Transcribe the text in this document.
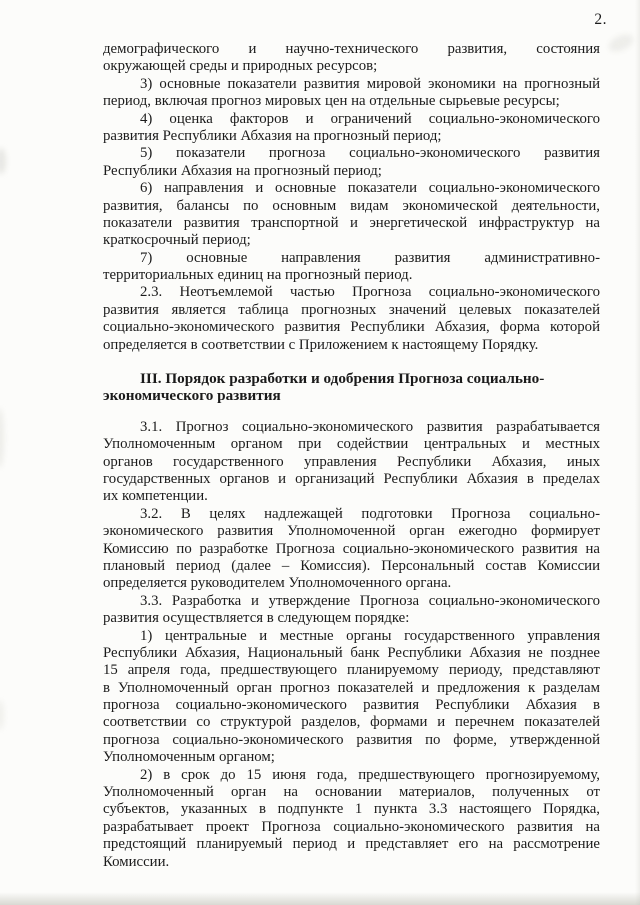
2.
демографического и научно-технического развития, состояния
окружающей среды и природных ресурсов;
3) основные показатели развития мировой экономики на прогнозный
период, включая прогноз мировых цен на отдельные сырьевые ресурсы;
4) оценка факторов и ограничений социально-экономического
развития Республики Абхазия на прогнозный период;
5) показатели прогноза социально-экономического развития
Республики Абхазия на прогнозный период;
6) направления и основные показатели социально-экономического
развития, балансы по основным видам экономической деятельности,
показатели развития транспортной и энергетической инфраструктур на
краткосрочный период;
7) основные направления развития административно-
территориальных единиц на прогнозный период.
2.3. Неотъемлемой частью Прогноза социально-экономического
развития является таблица прогнозных значений целевых показателей
социально-экономического развития Республики Абхазия, форма которой
определяется в соответствии с Приложением к настоящему Порядку.
III. Порядок разработки и одобрения Прогноза социально-
экономического развития
3.1. Прогноз социально-экономического развития разрабатывается
Уполномоченным органом при содействии центральных и местных
органов государственного управления Республики Абхазия, иных
государственных органов и организаций Республики Абхазия в пределах
их компетенции.
3.2. В целях надлежащей подготовки Прогноза социально-
экономического развития Уполномоченной орган ежегодно формирует
Комиссию по разработке Прогноза социально-экономического развития на
плановый период (далее – Комиссия). Персональный состав Комиссии
определяется руководителем Уполномоченного органа.
3.3. Разработка и утверждение Прогноза социально-экономического
развития осуществляется в следующем порядке:
1) центральные и местные органы государственного управления
Республики Абхазия, Национальный банк Республики Абхазия не позднее
15 апреля года, предшествующего планируемому периоду, представляют
в Уполномоченный орган прогноз показателей и предложения к разделам
прогноза социально-экономического развития Республики Абхазия в
соответствии со структурой разделов, формами и перечнем показателей
прогноза социально-экономического развития по форме, утвержденной
Уполномоченным органом;
2) в срок до 15 июня года, предшествующего прогнозируемому,
Уполномоченный орган на основании материалов, полученных от
субъектов, указанных в подпункте 1 пункта 3.3 настоящего Порядка,
разрабатывает проект Прогноза социально-экономического развития на
предстоящий планируемый период и представляет его на рассмотрение
Комиссии.
